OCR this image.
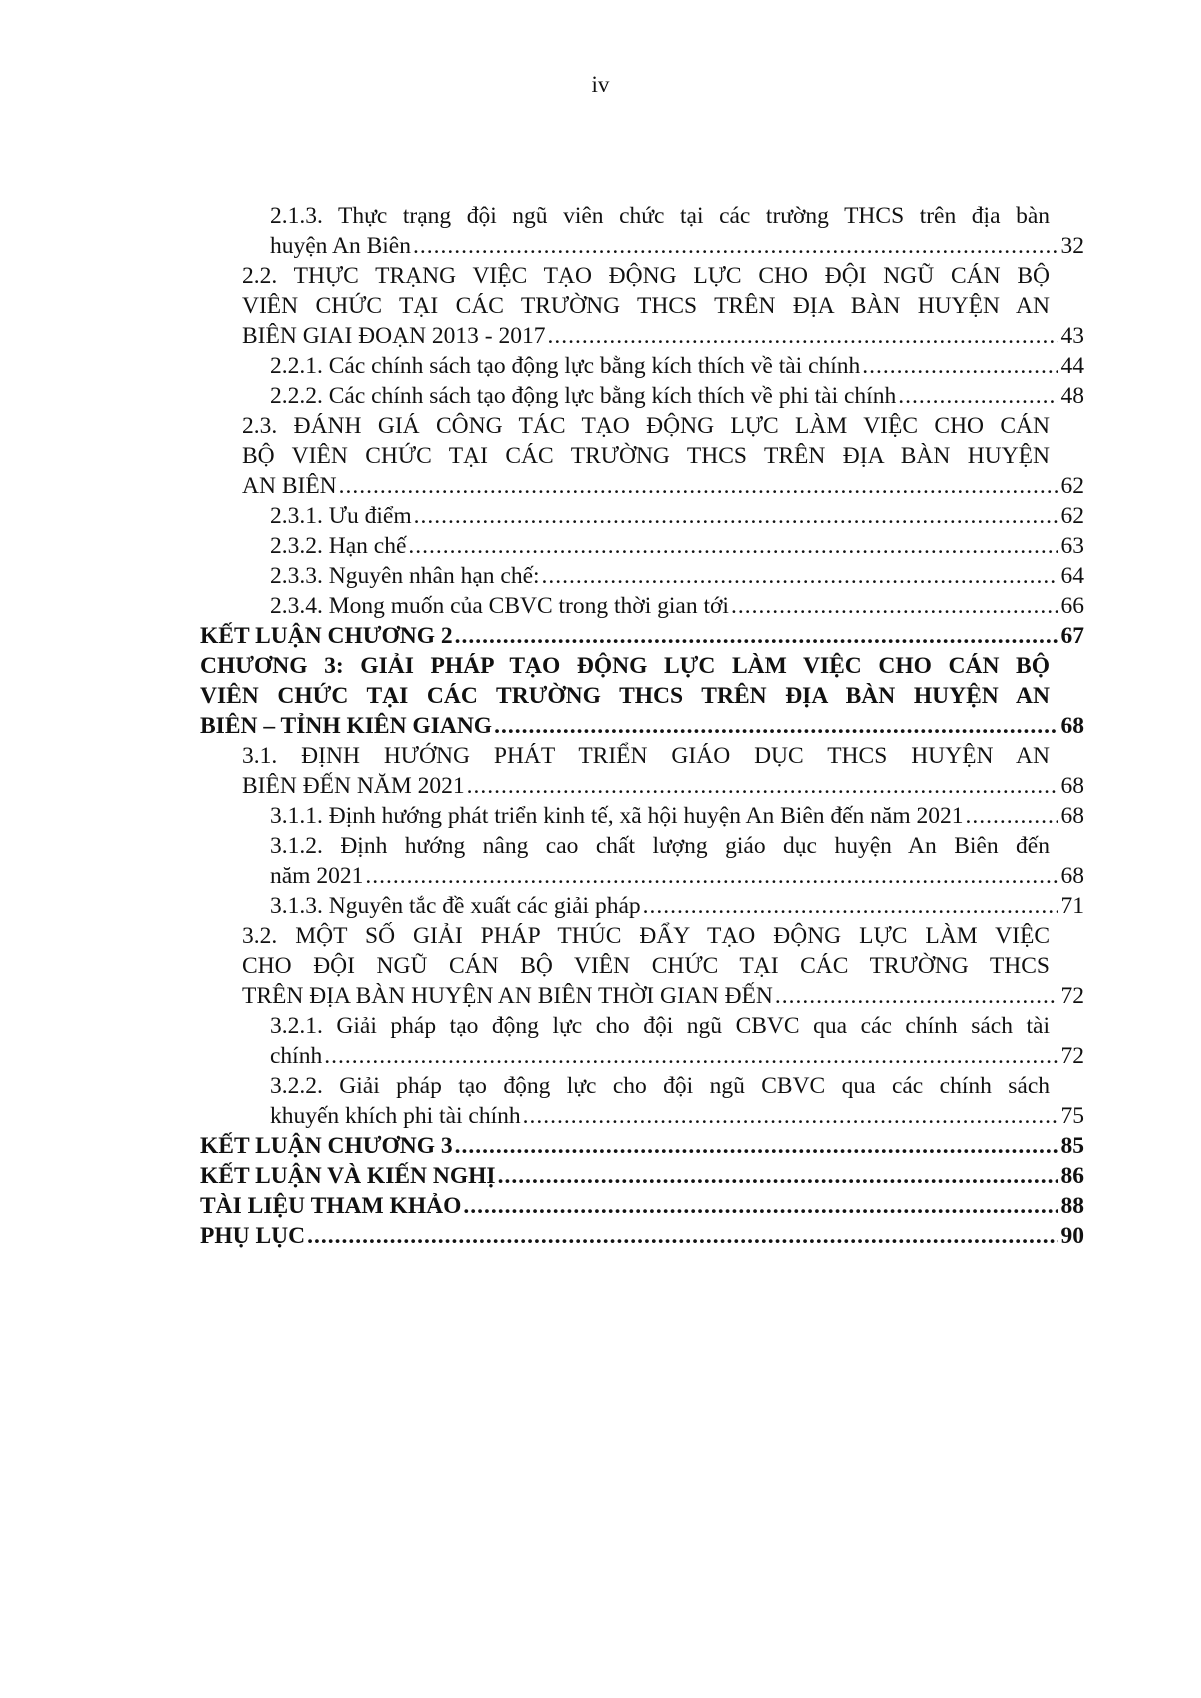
iv
2.1.3. Thực trạng đội ngũ viên chức tại các trường THCS trên địa bàn
huyện An Biên .....	32
2.2. THỰC TRẠNG VIỆC TẠO ĐỘNG LỰC CHO ĐỘI NGŨ CÁN BỘ
VIÊN CHỨC TẠI CÁC TRƯỜNG THCS TRÊN ĐỊA BÀN HUYỆN AN
BIÊN GIAI ĐOẠN 2013 - 2017 .....	43
2.2.1. Các chính sách tạo động lực bằng kích thích về tài chính .....	44
2.2.2. Các chính sách tạo động lực bằng kích thích về phi tài chính .....	48
2.3. ĐÁNH GIÁ CÔNG TÁC TẠO ĐỘNG LỰC LÀM VIỆC CHO CÁN
BỘ VIÊN CHỨC TẠI CÁC TRƯỜNG THCS TRÊN ĐỊA BÀN HUYỆN
AN BIÊN .....	62
2.3.1. Ưu điểm .....	62
2.3.2. Hạn chế .....	63
2.3.3. Nguyên nhân hạn chế: .....	64
2.3.4. Mong muốn của CBVC trong thời gian tới .....	66
KẾT LUẬN CHƯƠNG 2 .....	67
CHƯƠNG 3: GIẢI PHÁP TẠO ĐỘNG LỰC LÀM VIỆC CHO CÁN BỘ
VIÊN CHỨC TẠI CÁC TRƯỜNG THCS TRÊN ĐỊA BÀN HUYỆN AN
BIÊN – TỈNH KIÊN GIANG .....	68
3.1. ĐỊNH HƯỚNG PHÁT TRIỂN GIÁO DỤC THCS HUYỆN AN
BIÊN ĐẾN NĂM 2021 .....	68
3.1.1. Định hướng phát triển kinh tế, xã hội huyện An Biên đến năm 2021 .....	68
3.1.2. Định hướng nâng cao chất lượng giáo dục huyện An Biên đến
năm 2021 .....	68
3.1.3. Nguyên tắc đề xuất các giải pháp .....	71
3.2. MỘT SỐ GIẢI PHÁP THÚC ĐẨY TẠO ĐỘNG LỰC LÀM VIỆC
CHO ĐỘI NGŨ CÁN BỘ VIÊN CHỨC TẠI CÁC TRƯỜNG THCS
TRÊN ĐỊA BÀN HUYỆN AN BIÊN THỜI GIAN ĐẾN .....	72
3.2.1. Giải pháp tạo động lực cho đội ngũ CBVC qua các chính sách tài
chính .....	72
3.2.2. Giải pháp tạo động lực cho đội ngũ CBVC qua các chính sách
khuyến khích phi tài chính .....	75
KẾT LUẬN CHƯƠNG 3 .....	85
KẾT LUẬN VÀ KIẾN NGHỊ .....	86
TÀI LIỆU THAM KHẢO .....	88
PHỤ LỤC .....	90
